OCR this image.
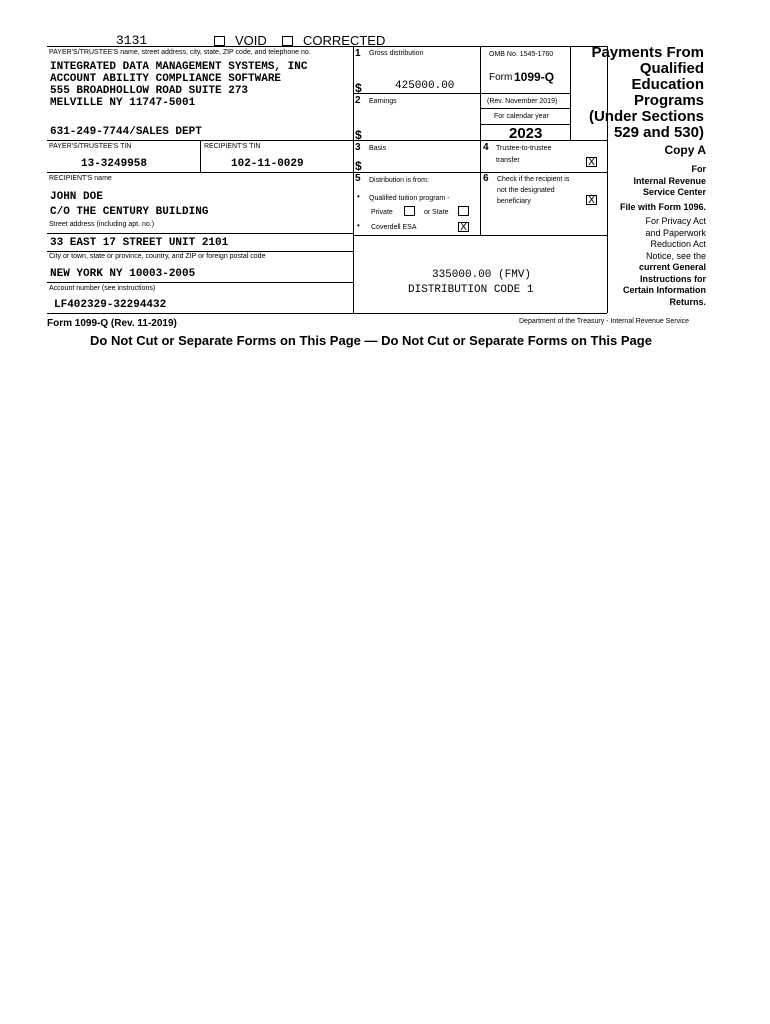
3131	VOID	CORRECTED
PAYER'S/TRUSTEE'S name, street address, city, state, ZIP code, and telephone no.
INTEGRATED DATA MANAGEMENT SYSTEMS, INC
ACCOUNT ABILITY COMPLIANCE SOFTWARE
555 BROADHOLLOW ROAD SUITE 273
MELVILLE NY 11747-5001
631-249-7744/SALES DEPT
PAYER'S/TRUSTEE'S TIN
13-3249958
RECIPIENT'S TIN
102-11-0029
RECIPIENT'S name
JOHN DOE
C/O THE CENTURY BUILDING
Street address (including apt. no.)
33 EAST 17 STREET UNIT 2101
City or town, state or province, country, and ZIP or foreign postal code
NEW YORK NY 10003-2005
Account number (see instructions)
LF402329-32294432
1 Gross distribution
$	425000.00
2 Earnings
$
OMB No. 1545-1760
Form 1099-Q
(Rev. November 2019)
For calendar year
2023
Payments From
Qualified
Education
Programs
(Under Sections
529 and 530)
3 Basis
$
4 Trustee-to-trustee
transfer	X
5 Distribution is from:
• Qualified tuition program -
Private	or State
• Coverdell ESA	X
6 Check if the recipient is
not the designated
beneficiary	X
335000.00 (FMV)
DISTRIBUTION CODE 1
Copy A
For
Internal Revenue
Service Center
File with Form 1096.
For Privacy Act
and Paperwork
Reduction Act
Notice, see the
current General
Instructions for
Certain Information
Returns.
Form 1099-Q (Rev. 11-2019)	Department of the Treasury - Internal Revenue Service
Do Not Cut or Separate Forms on This Page — Do Not Cut or Separate Forms on This Page
